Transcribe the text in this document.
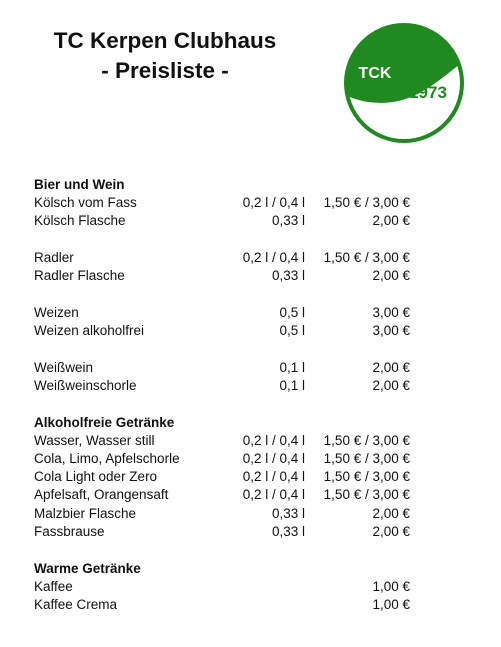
TC Kerpen Clubhaus
- Preisliste -	TCK
1973
Bier und Wein
Kölsch vom Fass	0,2 l / 0,4 l 1,50 € / 3,00 €
Kölsch Flasche	0,33 l	2,00 €
Radler	0,2 l / 0,4 l 1,50 € / 3,00 €
Radler Flasche	0,33 l	2,00 €
Weizen	0,5 l	3,00 €
Weizen alkoholfrei	0,5 l	3,00 €
Weißwein	0,1 l	2,00 €
Weißweinschorle	0,1 l	2,00 €
Alkoholfreie Getränke
Wasser, Wasser still	0,2 l / 0,4 l 1,50 € / 3,00 €
Cola, Limo, Apfelschorle	0,2 l / 0,4 l 1,50 € / 3,00 €
Cola Light oder Zero	0,2 l / 0,4 l 1,50 € / 3,00 €
Apfelsaft, Orangensaft	0,2 l / 0,4 l 1,50 € / 3,00 €
Malzbier Flasche	0,33 l	2,00 €
Fassbrause	0,33 l	2,00 €
Warme Getränke
Kaffee	1,00 €
Kaffee Crema	1,00 €
